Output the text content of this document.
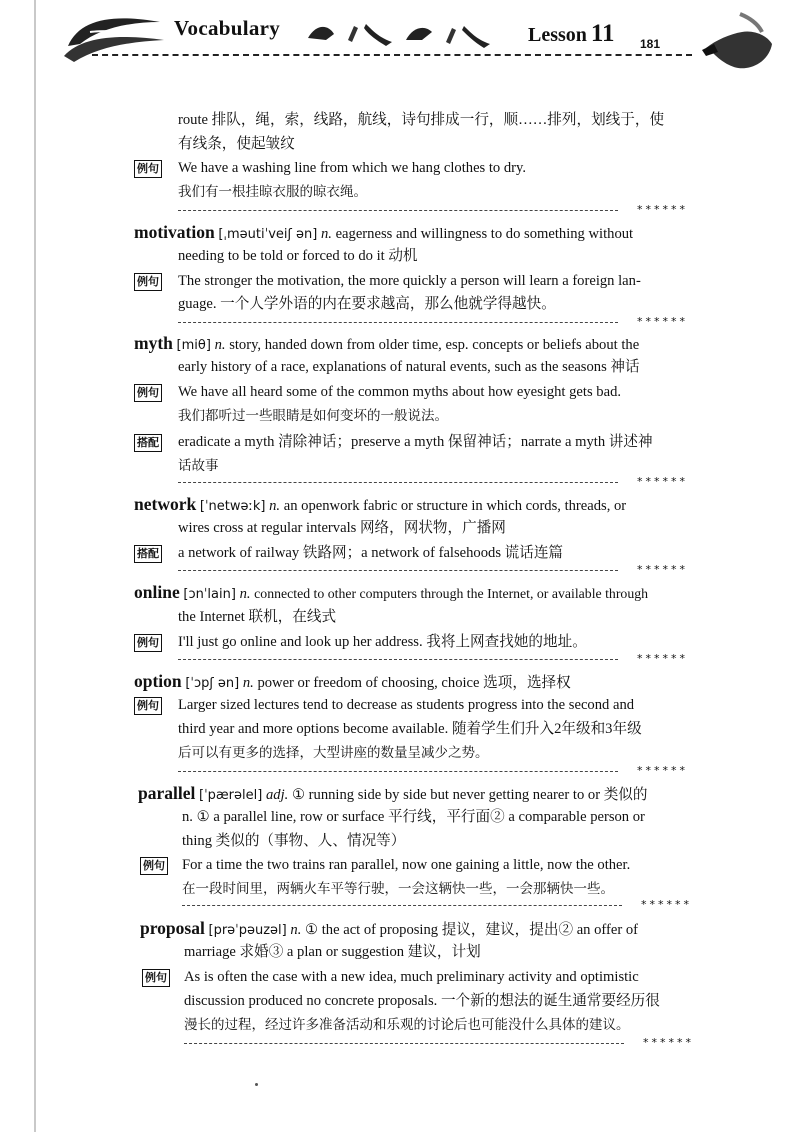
Vocabulary	Lesson 11 181
route 排队，绳，索，线路，航线，诗句排成一行，顺……排列，划线于，使
有线条，使起皱纹
例句 We have a washing line from which we hang clothes to dry.
我们有一根挂晾衣服的晾衣绳。
******
motivation [ˌməutiˈveiʃ ən] n. eagerness and willingness to do something without
needing to be told or forced to do it 动机
例句 The stronger the motivation, the more quickly a person will learn a foreign lan-
guage. 一个人学外语的内在要求越高，那么他就学得越快。
******
myth [miθ] n. story, handed down from older time, esp. concepts or beliefs about the
early history of a race, explanations of natural events, such as the seasons 神话
例句 We have all heard some of the common myths about how eyesight gets bad.
我们都听过一些眼睛是如何变坏的一般说法。
搭配 eradicate a myth 清除神话；preserve a myth 保留神话；narrate a myth 讲述神
话故事
******
network [ˈnetwəːk] n. an openwork fabric or structure in which cords, threads, or
wires cross at regular intervals 网络，网状物，广播网
搭配 a network of railway 铁路网；a network of falsehoods 谎话连篇
******
online [ɔnˈlain] n. connected to other computers through the Internet, or available through
the Internet 联机，在线式
例句 I'll just go online and look up her address. 我将上网查找她的地址。
******
option [ˈɔpʃ ən] n. power or freedom of choosing, choice 选项，选择权
例句 Larger sized lectures tend to decrease as students progress into the second and
third year and more options become available. 随着学生们升入2年级和3年级
后可以有更多的选择，大型讲座的数量呈减少之势。
******
parallel [ˈpærəlel] adj. ① running side by side but never getting nearer to or 类似的
n. ① a parallel line, row or surface 平行线，平行面② a comparable person or
thing 类似的（事物、人、情况等）
例句 For a time the two trains ran parallel, now one gaining a little, now the other.
在一段时间里，两辆火车平等行驶，一会这辆快一些，一会那辆快一些。
******
proposal [prəˈpəuzəl] n. ① the act of proposing 提议，建议，提出② an offer of
marriage 求婚③ a plan or suggestion 建议，计划
例句 As is often the case with a new idea, much preliminary activity and optimistic
discussion produced no concrete proposals. 一个新的想法的诞生通常要经历很
漫长的过程，经过许多准备活动和乐观的讨论后也可能没什么具体的建议。
******
